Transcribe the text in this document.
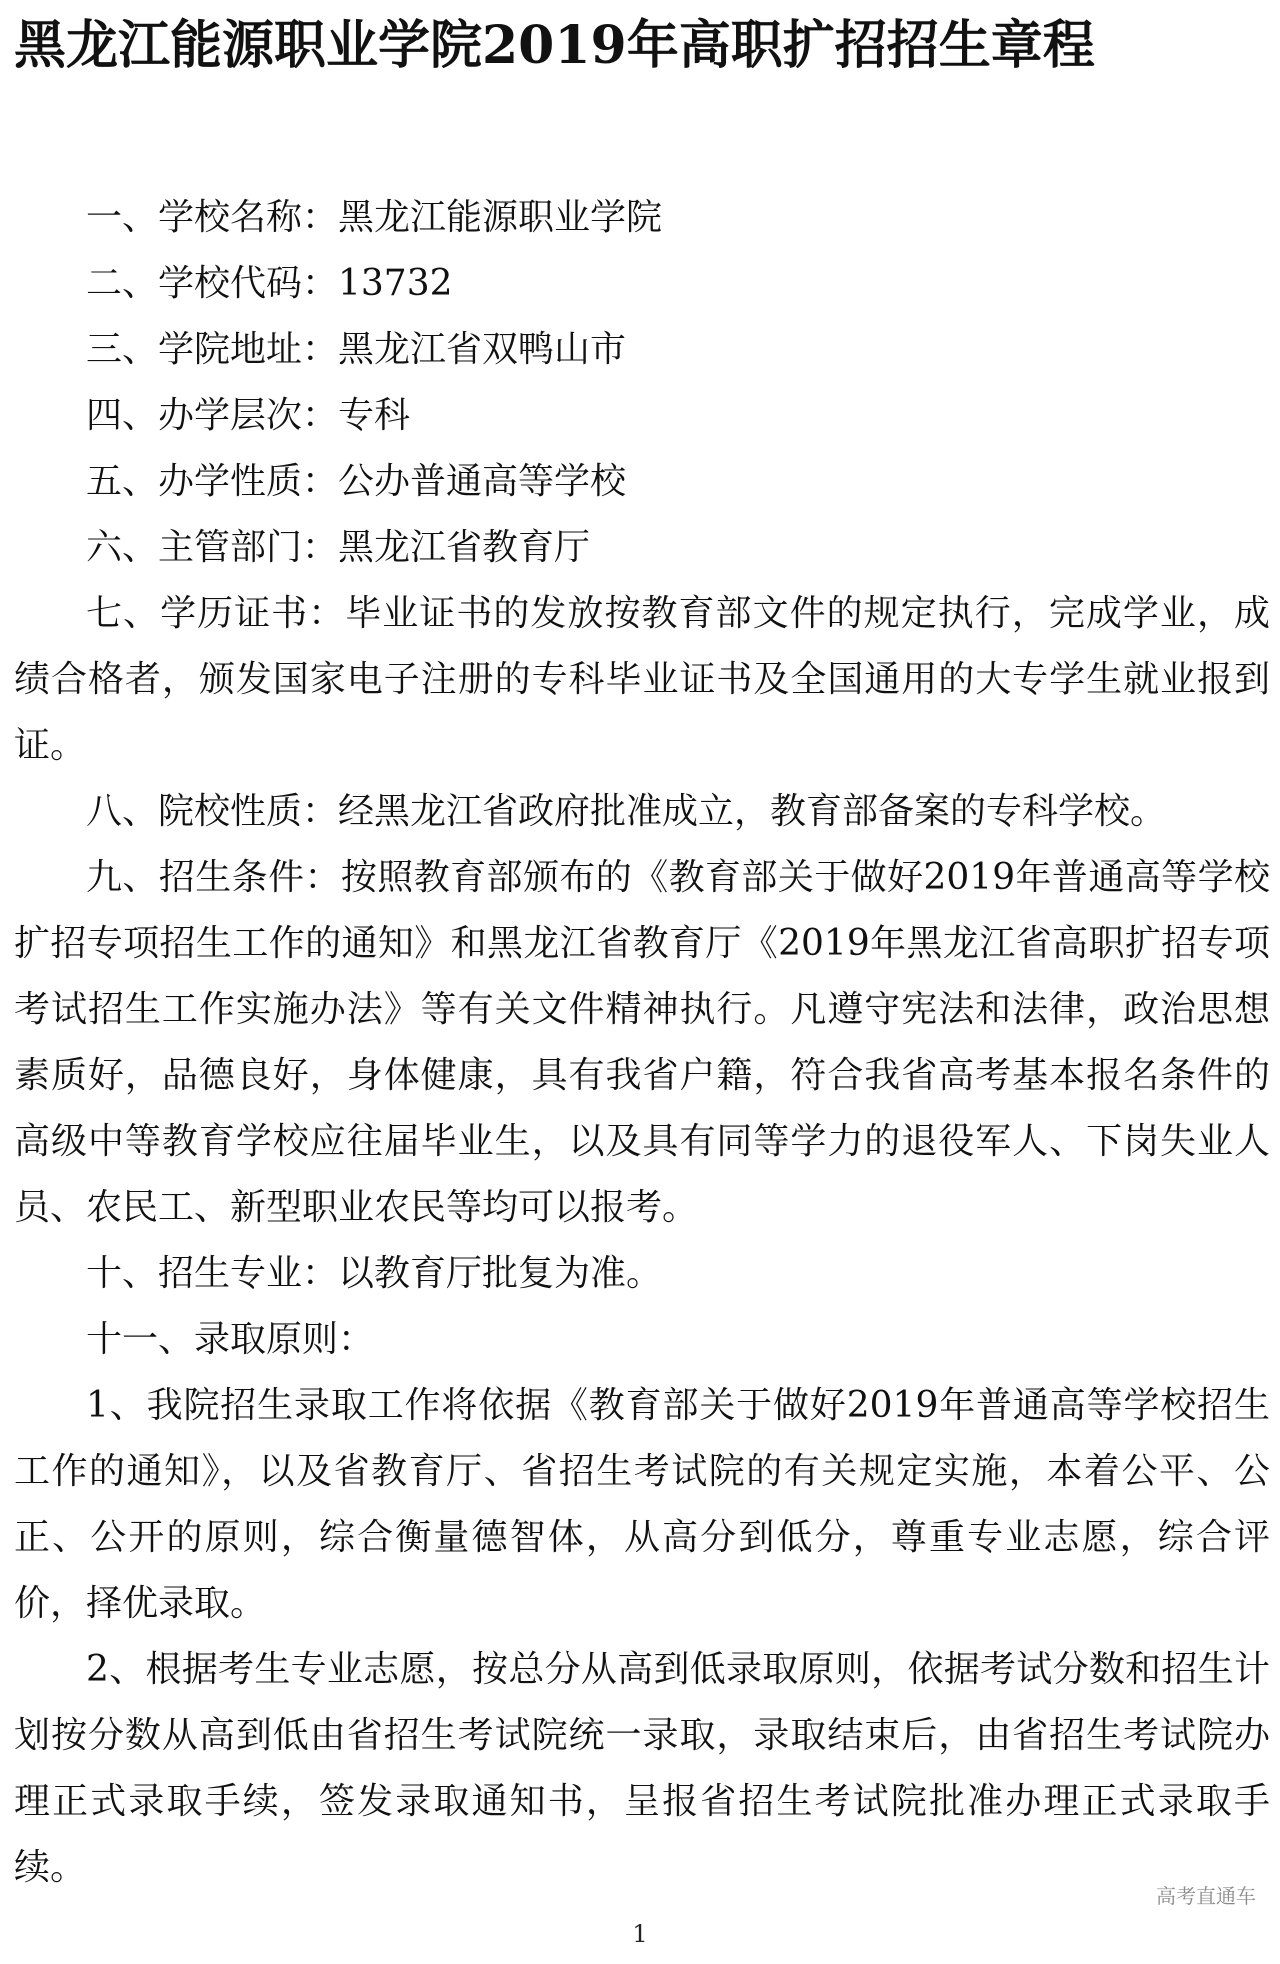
黑龙江能源职业学院2019年高职扩招招生章程

一、学校名称：黑龙江能源职业学院

二、学校代码：13732

三、学院地址：黑龙江省双鸭山市

四、办学层次：专科

五、办学性质：公办普通高等学校

六、主管部门：黑龙江省教育厅

七、学历证书：毕业证书的发放按教育部文件的规定执行，完成学业，成绩合格者，颁发国家电子注册的专科毕业证书及全国通用的大专学生就业报到证。

八、院校性质：经黑龙江省政府批准成立，教育部备案的专科学校。

九、招生条件：按照教育部颁布的《教育部关于做好2019年普通高等学校扩招专项招生工作的通知》和黑龙江省教育厅《2019年黑龙江省高职扩招专项考试招生工作实施办法》等有关文件精神执行。凡遵守宪法和法律，政治思想素质好，品德良好，身体健康，具有我省户籍，符合我省高考基本报名条件的高级中等教育学校应往届毕业生，以及具有同等学力的退役军人、下岗失业人员、农民工、新型职业农民等均可以报考。

十、招生专业：以教育厅批复为准。

十一、录取原则：

1、我院招生录取工作将依据《教育部关于做好2019年普通高等学校招生工作的通知》，以及省教育厅、省招生考试院的有关规定实施，本着公平、公正、公开的原则，综合衡量德智体，从高分到低分，尊重专业志愿，综合评价，择优录取。

2、根据考生专业志愿，按总分从高到低录取原则，依据考试分数和招生计划按分数从高到低由省招生考试院统一录取，录取结束后，由省招生考试院办理正式录取手续，签发录取通知书，呈报省招生考试院批准办理正式录取手续。

高考直通车
1
